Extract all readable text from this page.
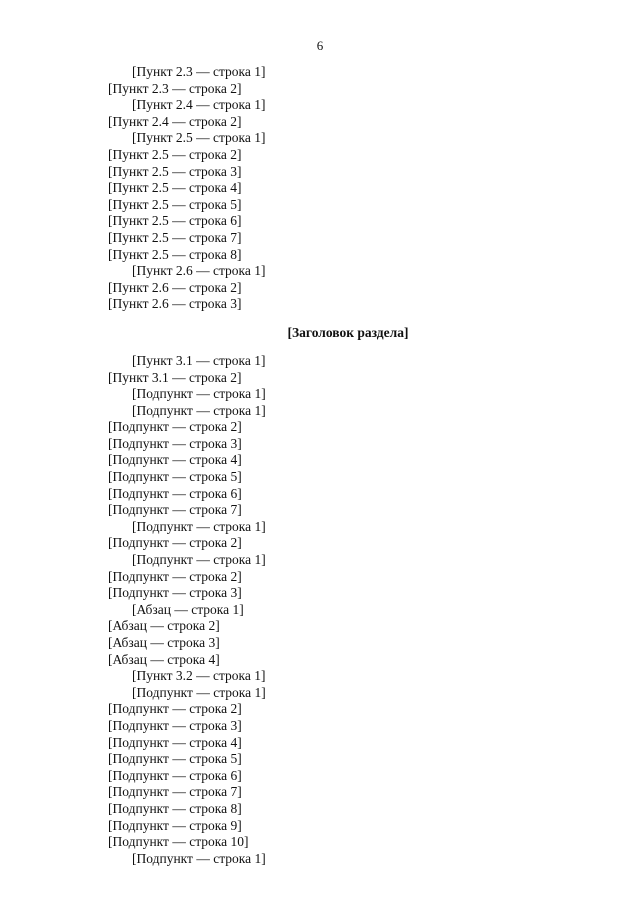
6
[Пункт 2.3 — строка 1]
[Пункт 2.3 — строка 2]
[Пункт 2.4 — строка 1]
[Пункт 2.4 — строка 2]
[Пункт 2.5 — строка 1]
[Пункт 2.5 — строка 2]
[Пункт 2.5 — строка 3]
[Пункт 2.5 — строка 4]
[Пункт 2.5 — строка 5]
[Пункт 2.5 — строка 6]
[Пункт 2.5 — строка 7]
[Пункт 2.5 — строка 8]
[Пункт 2.6 — строка 1]
[Пункт 2.6 — строка 2]
[Пункт 2.6 — строка 3]
[Заголовок раздела]
[Пункт 3.1 — строка 1]
[Пункт 3.1 — строка 2]
[Подпункт — строка 1]
[Подпункт — строка 1]
[Подпункт — строка 2]
[Подпункт — строка 3]
[Подпункт — строка 4]
[Подпункт — строка 5]
[Подпункт — строка 6]
[Подпункт — строка 7]
[Подпункт — строка 1]
[Подпункт — строка 2]
[Подпункт — строка 1]
[Подпункт — строка 2]
[Подпункт — строка 3]
[Абзац — строка 1]
[Абзац — строка 2]
[Абзац — строка 3]
[Абзац — строка 4]
[Пункт 3.2 — строка 1]
[Подпункт — строка 1]
[Подпункт — строка 2]
[Подпункт — строка 3]
[Подпункт — строка 4]
[Подпункт — строка 5]
[Подпункт — строка 6]
[Подпункт — строка 7]
[Подпункт — строка 8]
[Подпункт — строка 9]
[Подпункт — строка 10]
[Подпункт — строка 1]
